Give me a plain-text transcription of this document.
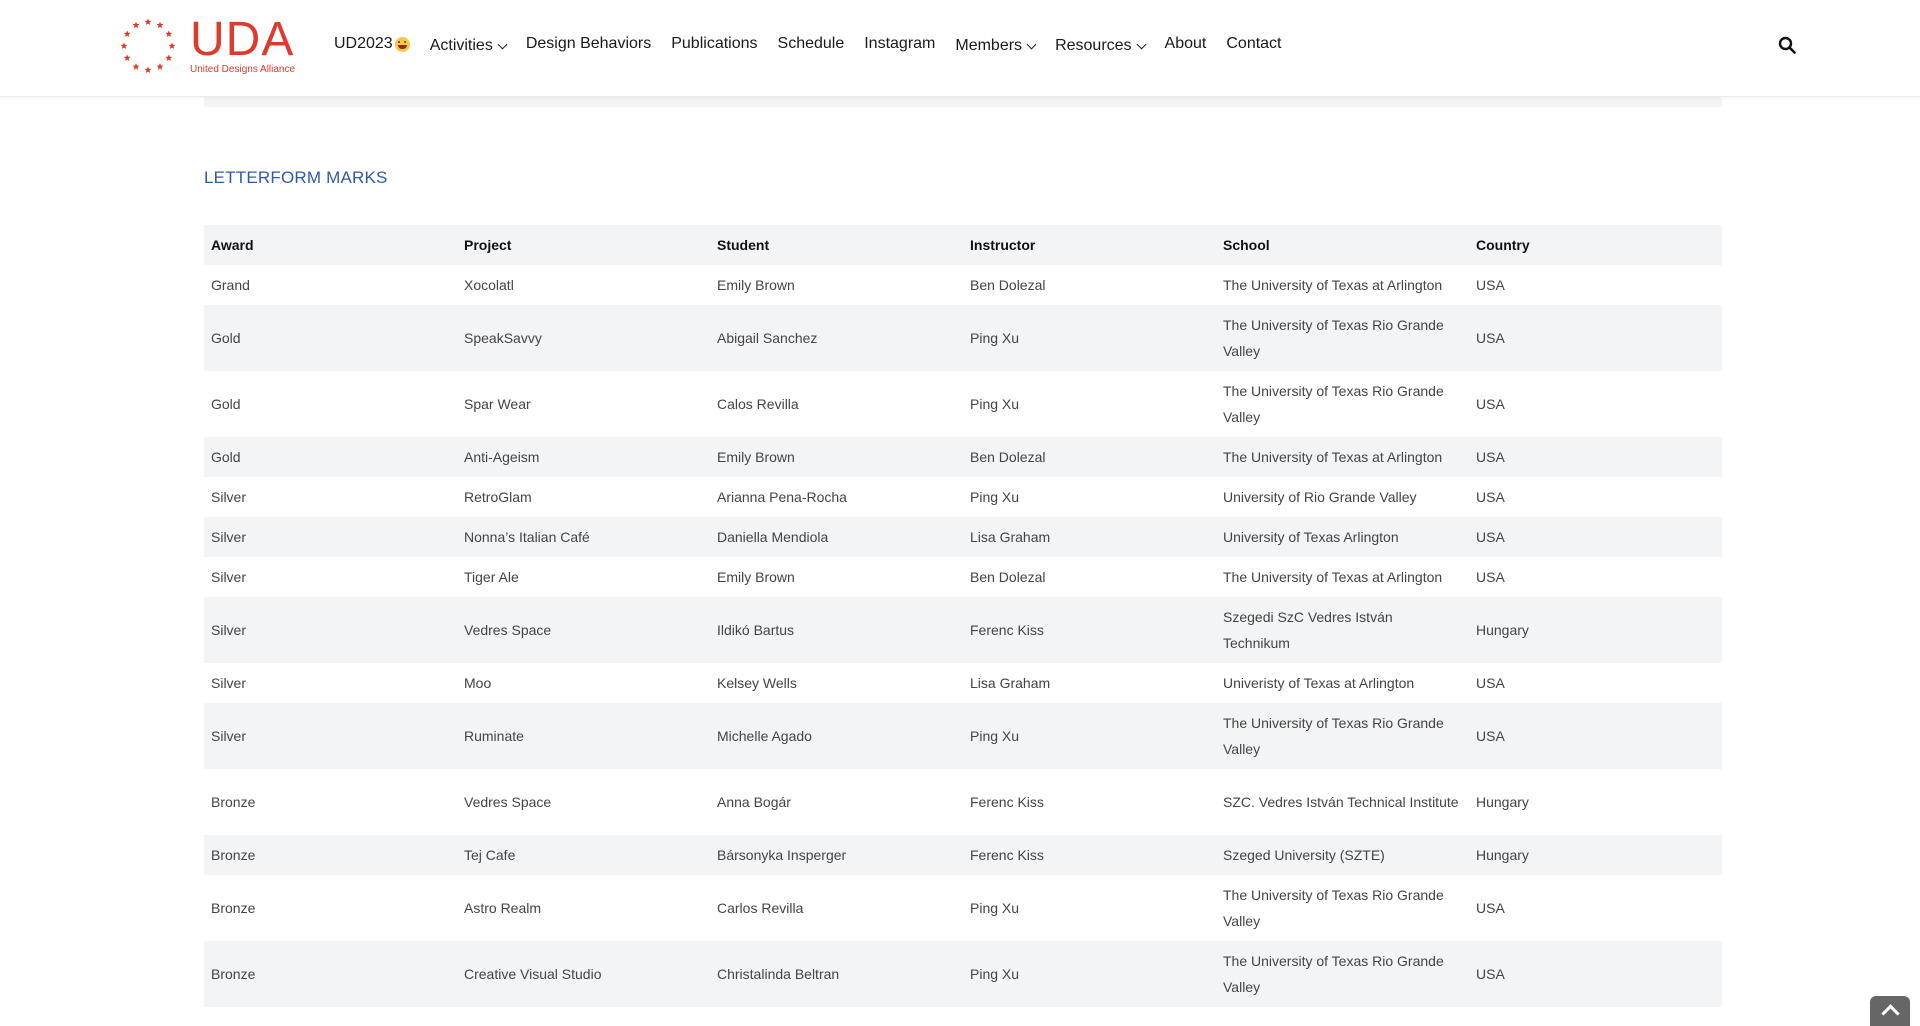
UDA
United Designs Alliance
UD2023 Activities Design Behaviors Publications Schedule Instagram Members Resources About Contact
LETTERFORM MARKS
Award	Project	Student	Instructor	School	Country
Grand	Xocolatl	Emily Brown	Ben Dolezal	The University of Texas at Arlington	USA
Gold	SpeakSavvy	Abigail Sanchez	Ping Xu	The University of Texas Rio Grande Valley	USA
Gold	Spar Wear	Calos Revilla	Ping Xu	The University of Texas Rio Grande Valley	USA
Gold	Anti-Ageism	Emily Brown	Ben Dolezal	The University of Texas at Arlington	USA
Silver	RetroGlam	Arianna Pena-Rocha	Ping Xu	University of Rio Grande Valley	USA
Silver	Nonna’s Italian Café	Daniella Mendiola	Lisa Graham	University of Texas Arlington	USA
Silver	Tiger Ale	Emily Brown	Ben Dolezal	The University of Texas at Arlington	USA
Silver	Vedres Space	Ildikó Bartus	Ferenc Kiss	Szegedi SzC Vedres István Technikum	Hungary
Silver	Moo	Kelsey Wells	Lisa Graham	Univeristy of Texas at Arlington	USA
Silver	Ruminate	Michelle Agado	Ping Xu	The University of Texas Rio Grande Valley	USA
Bronze	Vedres Space	Anna Bogár	Ferenc Kiss	SZC. Vedres István Technical Institute	Hungary
Bronze	Tej Cafe	Bársonyka Insperger	Ferenc Kiss	Szeged University (SZTE)	Hungary
Bronze	Astro Realm	Carlos Revilla	Ping Xu	The University of Texas Rio Grande Valley	USA
Bronze	Creative Visual Studio	Christalinda Beltran	Ping Xu	The University of Texas Rio Grande Valley	USA
